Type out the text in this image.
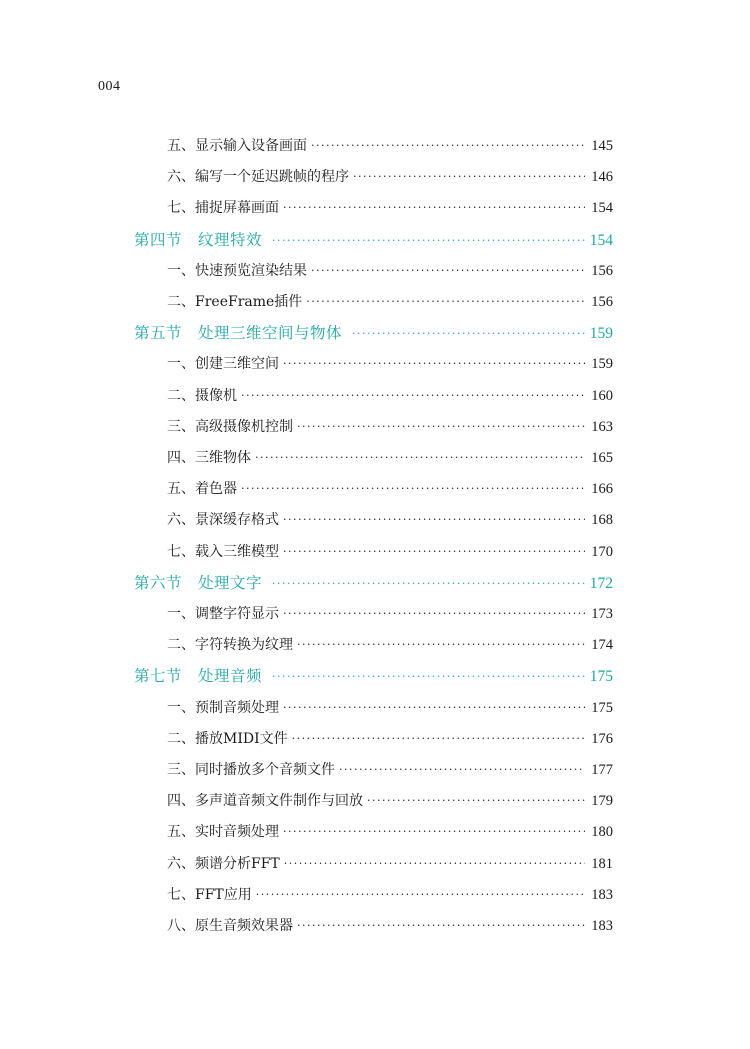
004
五、显示输入设备画面 ·····	145
六、编写一个延迟跳帧的程序 ·····	146
七、捕捉屏幕画面 ·····	154
第四节 纹理特效 ·····	154
一、快速预览渲染结果 ·····	156
二、FreeFrame插件 ·····	156
第五节 处理三维空间与物体 ·····	159
一、创建三维空间 ·····	159
二、摄像机 ·····	160
三、高级摄像机控制 ·····	163
四、三维物体 ·····	165
五、着色器 ·····	166
六、景深缓存格式 ·····	168
七、载入三维模型 ·····	170
第六节 处理文字 ·····	172
一、调整字符显示 ·····	173
二、字符转换为纹理 ·····	174
第七节 处理音频 ·····	175
一、预制音频处理 ·····	175
二、播放MIDI文件 ·····	176
三、同时播放多个音频文件 ·····	177
四、多声道音频文件制作与回放 ·····	179
五、实时音频处理 ·····	180
六、频谱分析FFT ·····	181
七、FFT应用 ·····	183
八、原生音频效果器 ·····	183
